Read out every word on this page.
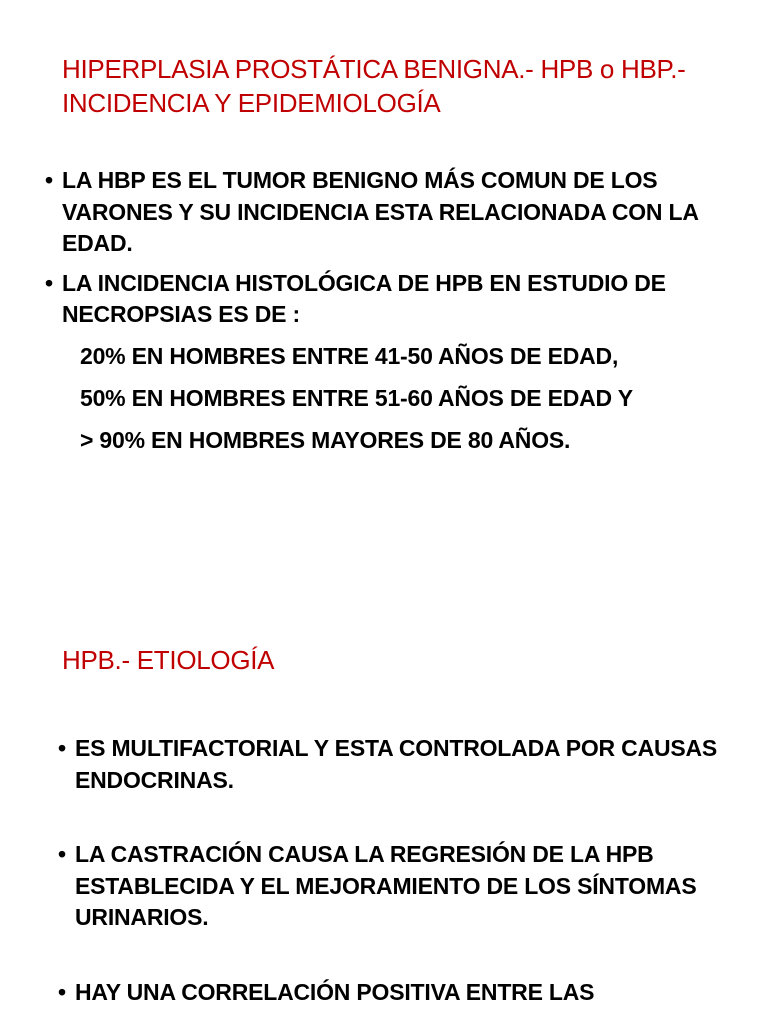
HIPERPLASIA PROSTÁTICA BENIGNA.- HPB o HBP.- INCIDENCIA Y EPIDEMIOLOGÍA
• LA HBP ES EL TUMOR BENIGNO MÁS COMUN DE LOS VARONES Y SU INCIDENCIA ESTA RELACIONADA CON LA EDAD.
• LA INCIDENCIA HISTOLÓGICA DE HPB EN ESTUDIO DE NECROPSIAS ES DE :
20% EN HOMBRES ENTRE 41-50 AÑOS DE EDAD,
50% EN HOMBRES ENTRE 51-60 AÑOS DE EDAD Y
> 90% EN HOMBRES MAYORES DE 80 AÑOS.
HPB.- ETIOLOGÍA
• ES MULTIFACTORIAL Y ESTA CONTROLADA POR CAUSAS ENDOCRINAS.
• LA CASTRACIÓN CAUSA LA REGRESIÓN DE LA HPB ESTABLECIDA Y EL MEJORAMIENTO DE LOS SÍNTOMAS URINARIOS.
• HAY UNA CORRELACIÓN POSITIVA ENTRE LAS
